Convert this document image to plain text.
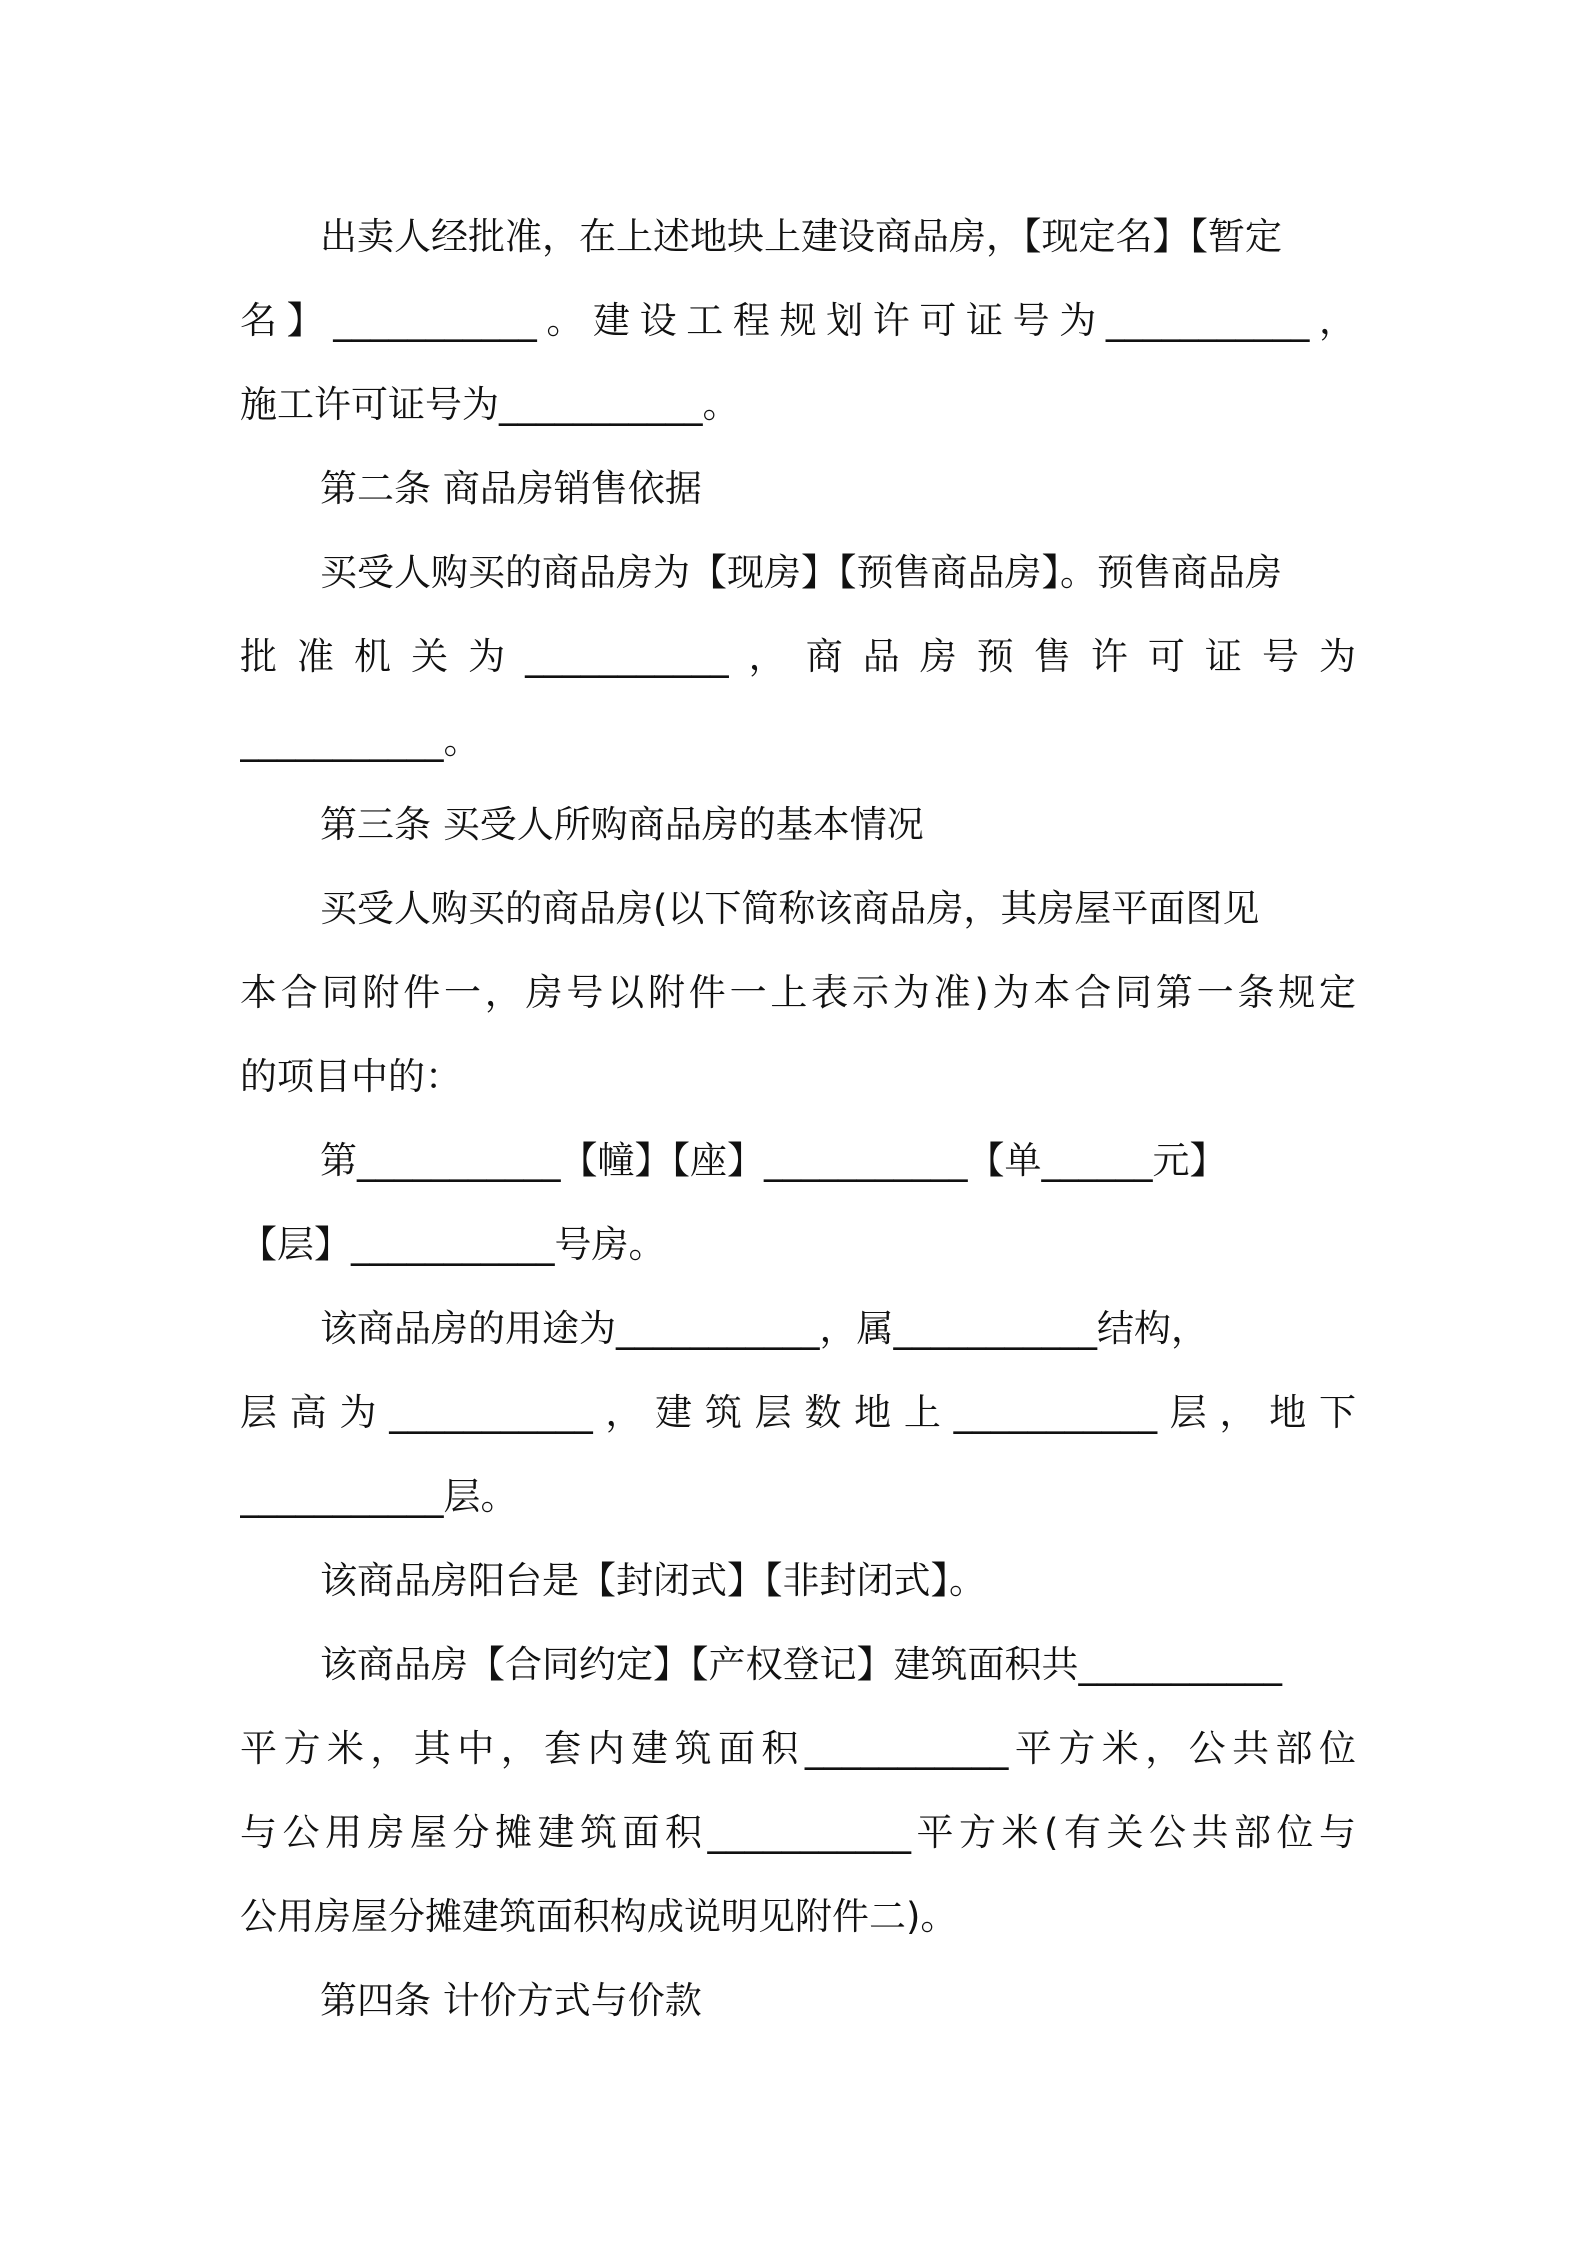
出卖人经批准，在上述地块上建设商品房，【现定名】【暂定
名】___________。建设工程规划许可证号为___________，
施工许可证号为___________。
第二条 商品房销售依据
买受人购买的商品房为【现房】【预售商品房】。预售商品房
批准机关为___________，商品房预售许可证号为
___________。
第三条 买受人所购商品房的基本情况
买受人购买的商品房(以下简称该商品房，其房屋平面图见
本合同附件一，房号以附件一上表示为准)为本合同第一条规定
的项目中的：
第___________【幢】【座】___________【单______元】
【层】___________号房。
该商品房的用途为___________，属___________结构，
层高为___________，建筑层数地上___________层，地下
___________层。
该商品房阳台是【封闭式】【非封闭式】。
该商品房【合同约定】【产权登记】建筑面积共___________
平方米，其中，套内建筑面积___________平方米，公共部位
与公用房屋分摊建筑面积___________平方米(有关公共部位与
公用房屋分摊建筑面积构成说明见附件二)。
第四条 计价方式与价款
